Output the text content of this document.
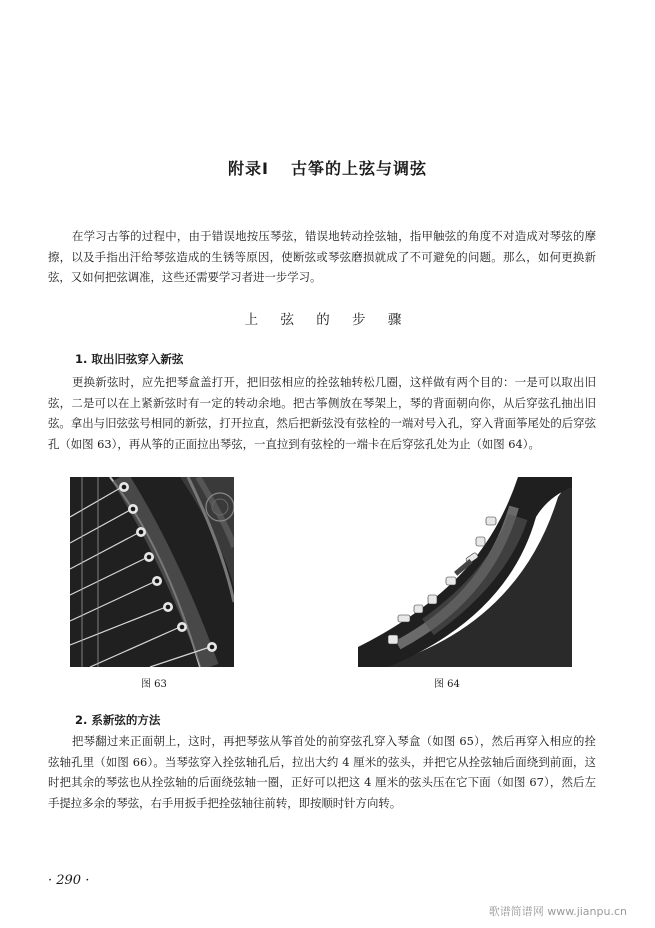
附录Ⅰ 古筝的上弦与调弦

在学习古筝的过程中，由于错误地按压琴弦，错误地转动拴弦轴，指甲触弦的角度不对造成对琴弦的摩擦，以及手指出汗给琴弦造成的生锈等原因，使断弦或琴弦磨损就成了不可避免的问题。那么，如何更换新弦，又如何把弦调准，这些还需要学习者进一步学习。

上 弦 的 步 骤
1. 取出旧弦穿入新弦

更换新弦时，应先把琴盒盖打开，把旧弦相应的拴弦轴转松几圈，这样做有两个目的：一是可以取出旧弦，二是可以在上紧新弦时有一定的转动余地。把古筝侧放在琴架上，琴的背面朝向你，从后穿弦孔抽出旧弦。拿出与旧弦弦号相同的新弦，打开拉直，然后把新弦没有弦栓的一端对号入孔，穿入背面筝尾处的后穿弦孔（如图 63），再从筝的正面拉出琴弦，一直拉到有弦栓的一端卡在后穿弦孔处为止（如图 64）。

图 63	图 64
2. 系新弦的方法

把琴翻过来正面朝上，这时，再把琴弦从筝首处的前穿弦孔穿入琴盒（如图 65），然后再穿入相应的拴弦轴孔里（如图 66）。当琴弦穿入拴弦轴孔后，拉出大约 4 厘米的弦头，并把它从拴弦轴后面绕到前面，这时把其余的琴弦也从拴弦轴的后面绕弦轴一圈，正好可以把这 4 厘米的弦头压在它下面（如图 67），然后左手提拉多余的琴弦，右手用扳手把拴弦轴往前转，即按顺时针方向转。

· 290 ·
歌谱简谱网 www.jianpu.cn
